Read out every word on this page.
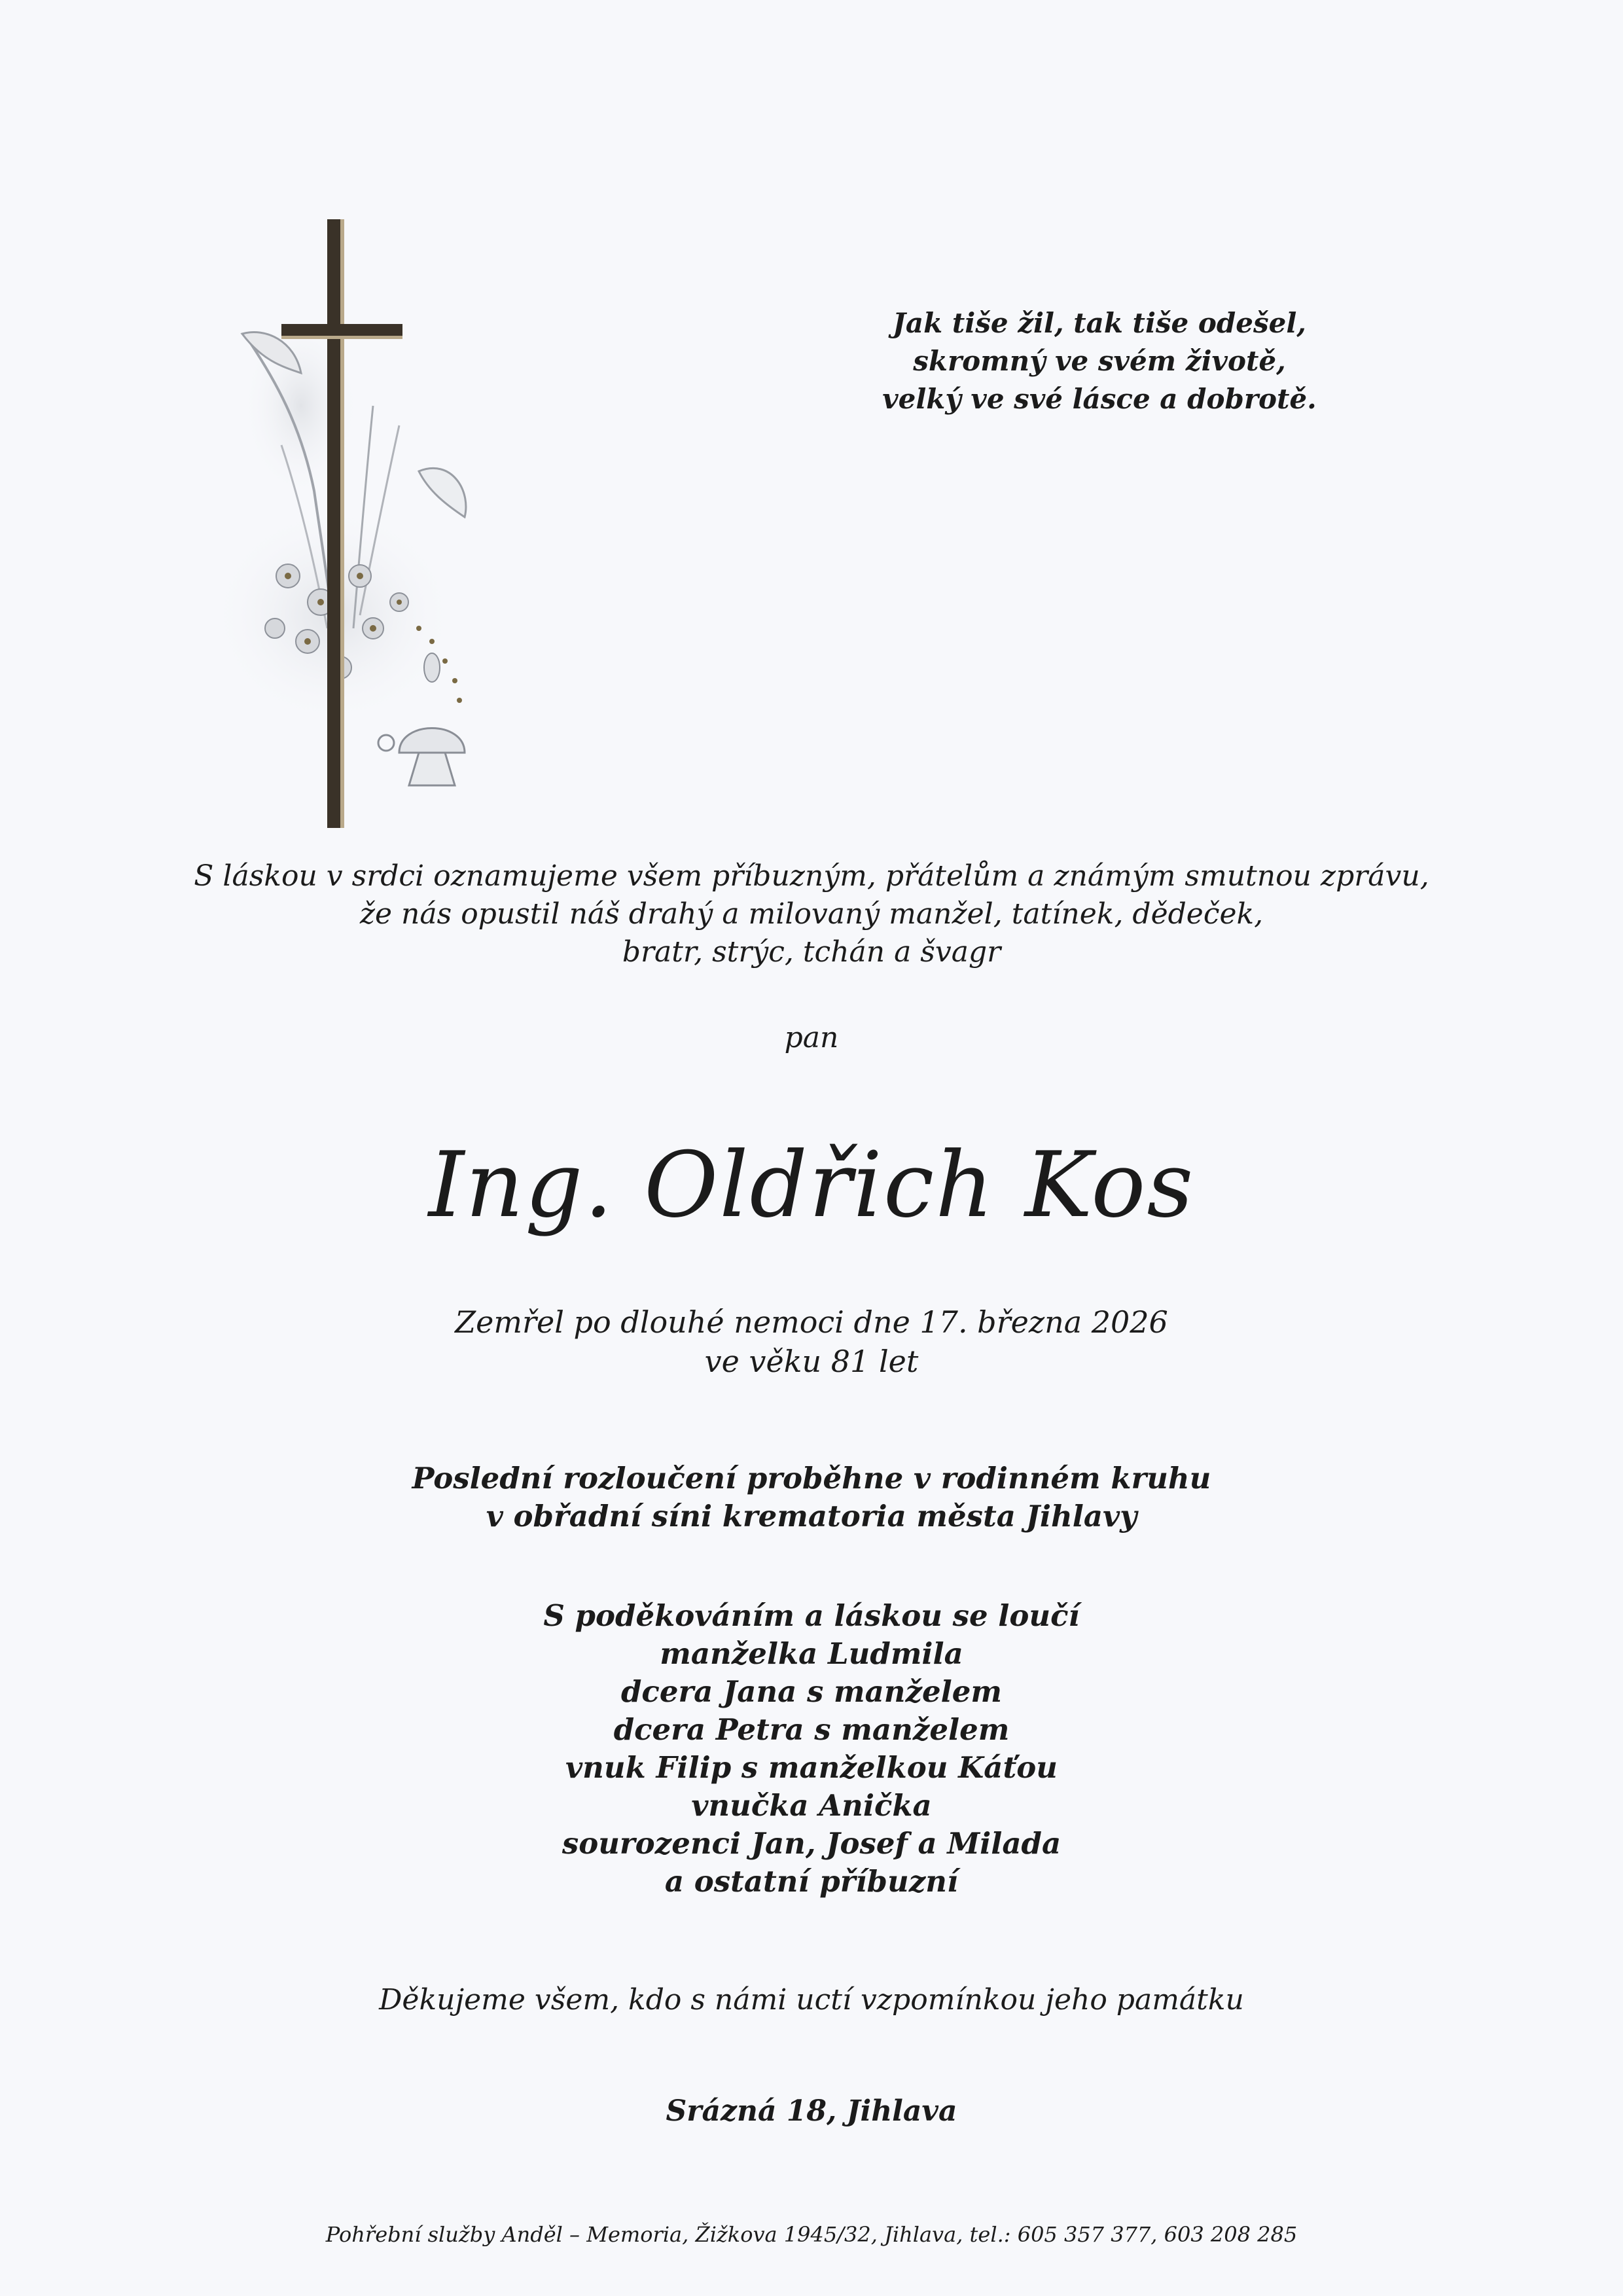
Jak tiše žil, tak tiše odešel,
skromný ve svém životě,
velký ve své lásce a dobrotě.
S láskou v srdci oznamujeme všem příbuzným, přátelům a známým smutnou zprávu,
že nás opustil náš drahý a milovaný manžel, tatínek, dědeček,
bratr, strýc, tchán a švagr
pan
Ing. Oldřich Kos
Zemřel po dlouhé nemoci dne 17. března 2026
ve věku 81 let
Poslední rozloučení proběhne v rodinném kruhu
v obřadní síni krematoria města Jihlavy
S poděkováním a láskou se loučí
manželka Ludmila
dcera Jana s manželem
dcera Petra s manželem
vnuk Filip s manželkou Káťou
vnučka Anička
sourozenci Jan, Josef a Milada
a ostatní příbuzní
Děkujeme všem, kdo s námi uctí vzpomínkou jeho památku
Srázná 18, Jihlava
Pohřební služby Anděl – Memoria, Žižkova 1945/32, Jihlava, tel.: 605 357 377, 603 208 285
